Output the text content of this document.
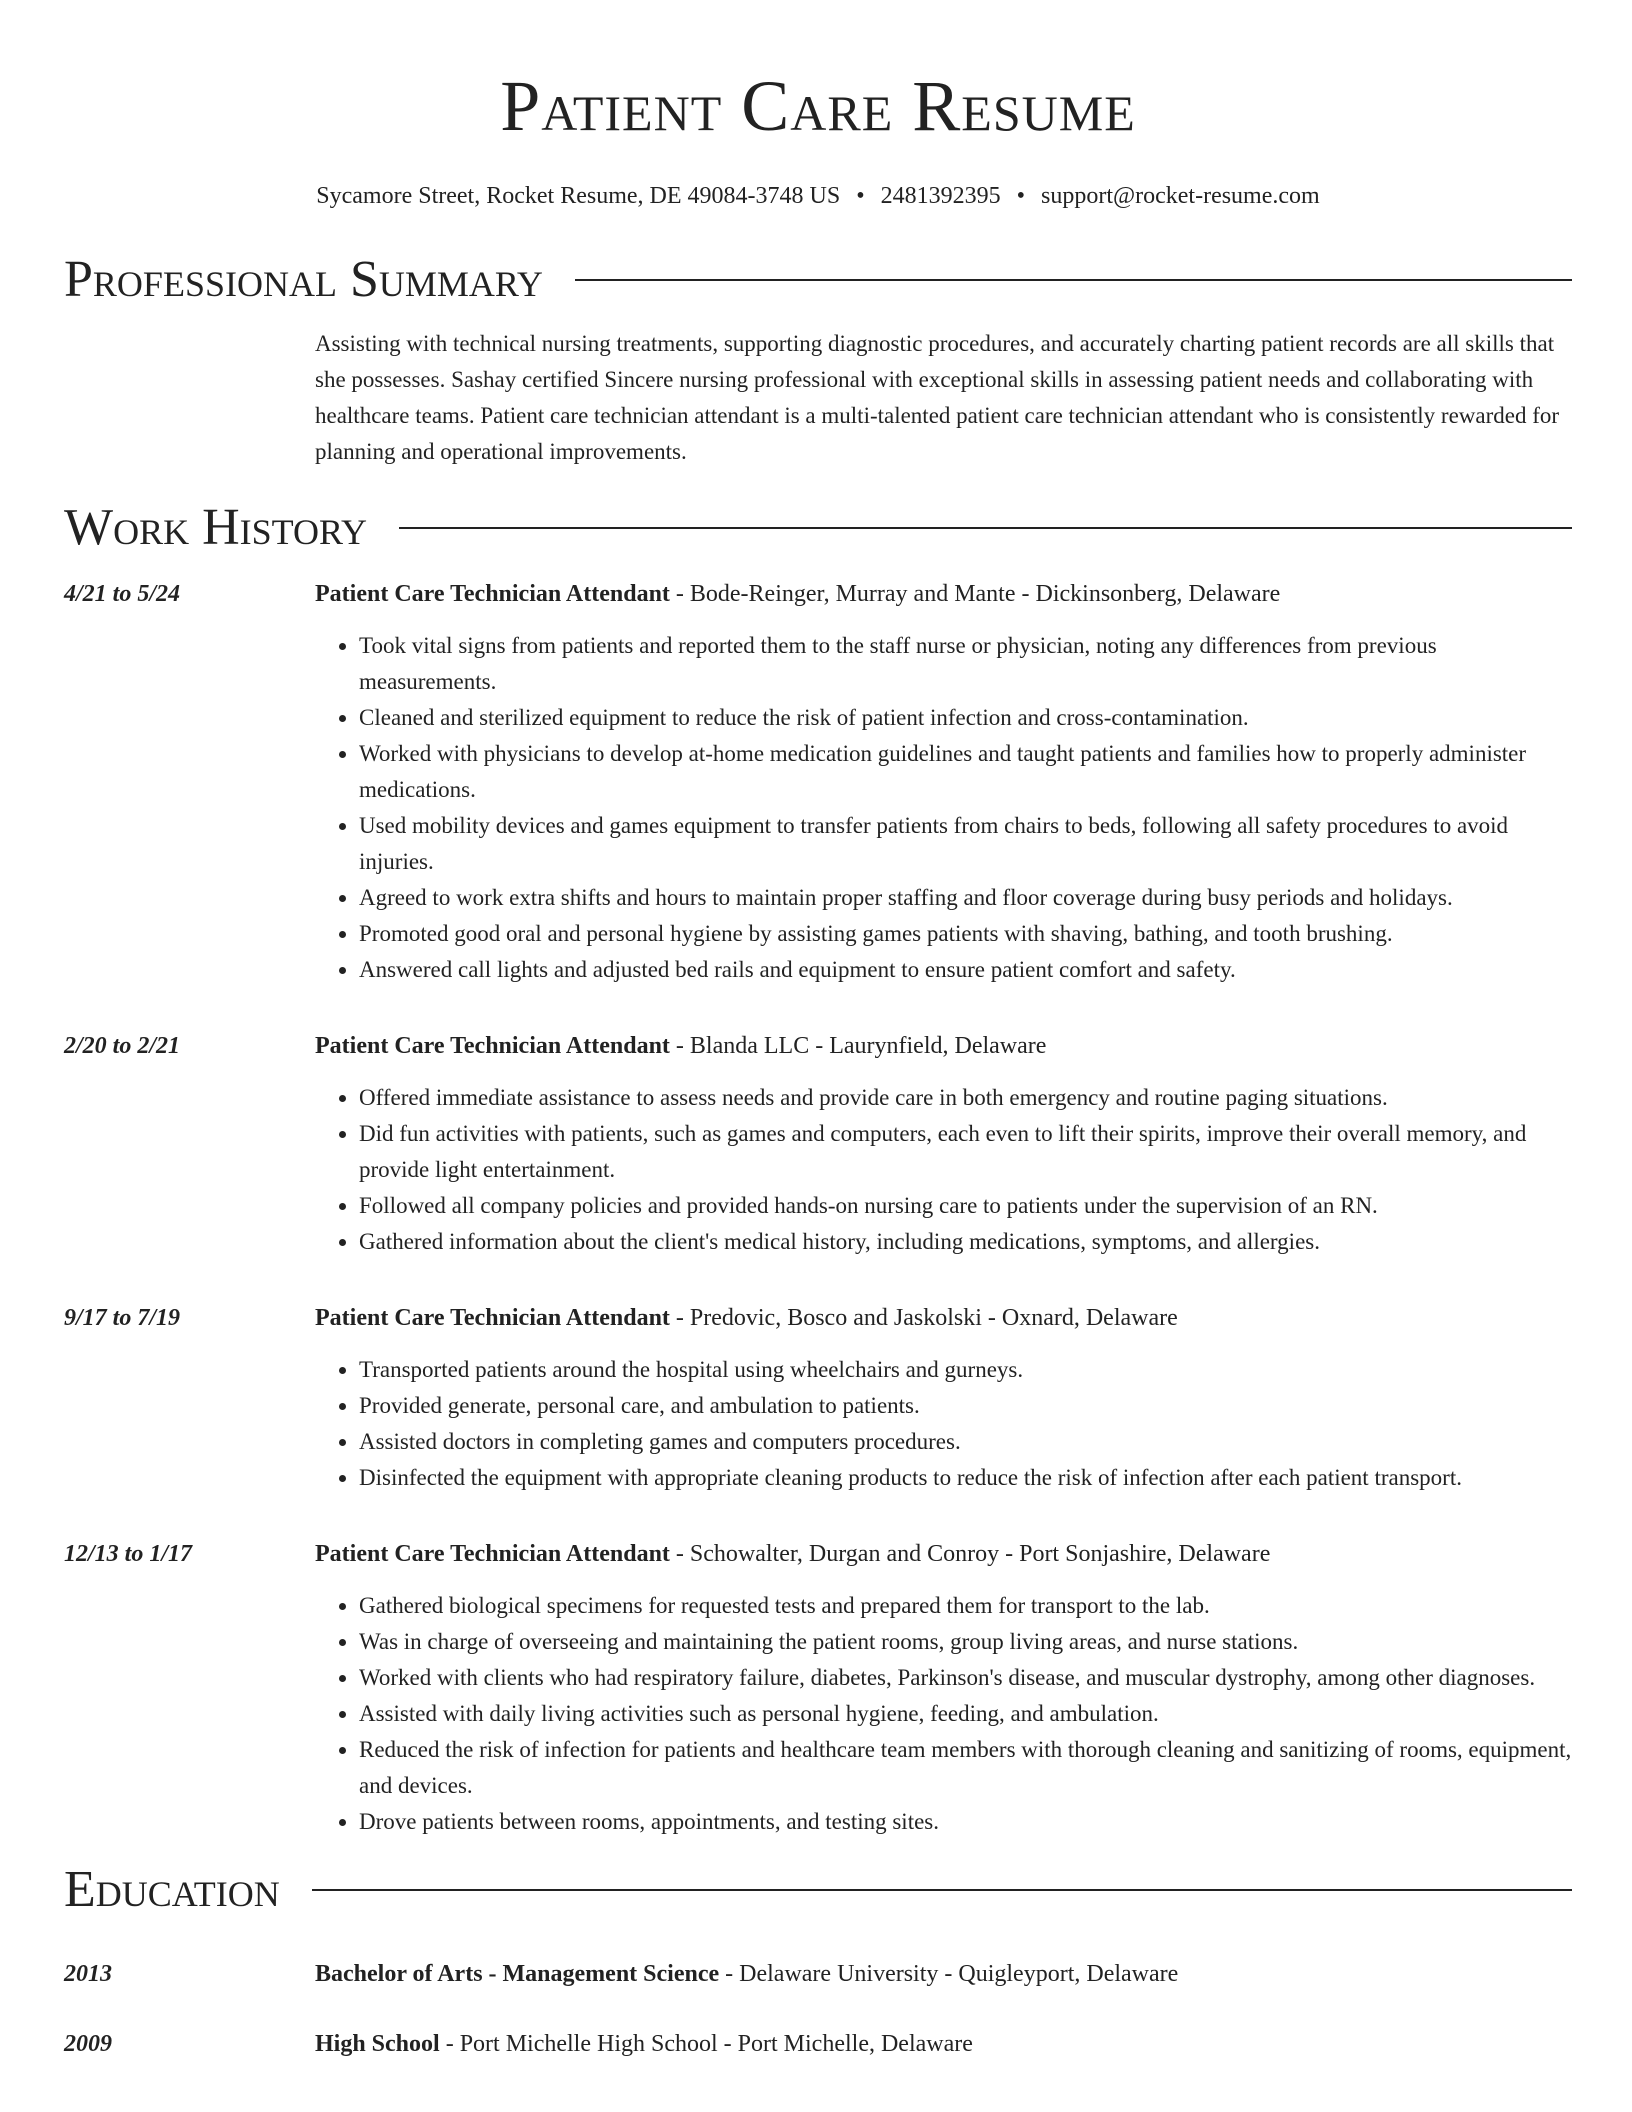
Patient Care Resume
Sycamore Street, Rocket Resume, DE 49084-3748 US • 2481392395 • support@rocket-resume.com
Professional Summary
Assisting with technical nursing treatments, supporting diagnostic procedures, and accurately charting patient records are all skills that she possesses. Sashay certified Sincere nursing professional with exceptional skills in assessing patient needs and collaborating with healthcare teams. Patient care technician attendant is a multi-talented patient care technician attendant who is consistently rewarded for planning and operational improvements.
Work History
4/21 to 5/24	Patient Care Technician Attendant - Bode-Reinger, Murray and Mante - Dickinsonberg, Delaware
• Took vital signs from patients and reported them to the staff nurse or physician, noting any differences from previous measurements.
• Cleaned and sterilized equipment to reduce the risk of patient infection and cross-contamination.
• Worked with physicians to develop at-home medication guidelines and taught patients and families how to properly administer medications.
• Used mobility devices and games equipment to transfer patients from chairs to beds, following all safety procedures to avoid injuries.
• Agreed to work extra shifts and hours to maintain proper staffing and floor coverage during busy periods and holidays.
• Promoted good oral and personal hygiene by assisting games patients with shaving, bathing, and tooth brushing.
• Answered call lights and adjusted bed rails and equipment to ensure patient comfort and safety.
2/20 to 2/21	Patient Care Technician Attendant - Blanda LLC - Laurynfield, Delaware
• Offered immediate assistance to assess needs and provide care in both emergency and routine paging situations.
• Did fun activities with patients, such as games and computers, each even to lift their spirits, improve their overall memory, and provide light entertainment.
• Followed all company policies and provided hands-on nursing care to patients under the supervision of an RN.
• Gathered information about the client's medical history, including medications, symptoms, and allergies.
9/17 to 7/19	Patient Care Technician Attendant - Predovic, Bosco and Jaskolski - Oxnard, Delaware
• Transported patients around the hospital using wheelchairs and gurneys.
• Provided generate, personal care, and ambulation to patients.
• Assisted doctors in completing games and computers procedures.
• Disinfected the equipment with appropriate cleaning products to reduce the risk of infection after each patient transport.
12/13 to 1/17	Patient Care Technician Attendant - Schowalter, Durgan and Conroy - Port Sonjashire, Delaware
• Gathered biological specimens for requested tests and prepared them for transport to the lab.
• Was in charge of overseeing and maintaining the patient rooms, group living areas, and nurse stations.
• Worked with clients who had respiratory failure, diabetes, Parkinson's disease, and muscular dystrophy, among other diagnoses.
• Assisted with daily living activities such as personal hygiene, feeding, and ambulation.
• Reduced the risk of infection for patients and healthcare team members with thorough cleaning and sanitizing of rooms, equipment, and devices.
• Drove patients between rooms, appointments, and testing sites.
Education
2013	Bachelor of Arts - Management Science - Delaware University - Quigleyport, Delaware
2009	High School - Port Michelle High School - Port Michelle, Delaware
